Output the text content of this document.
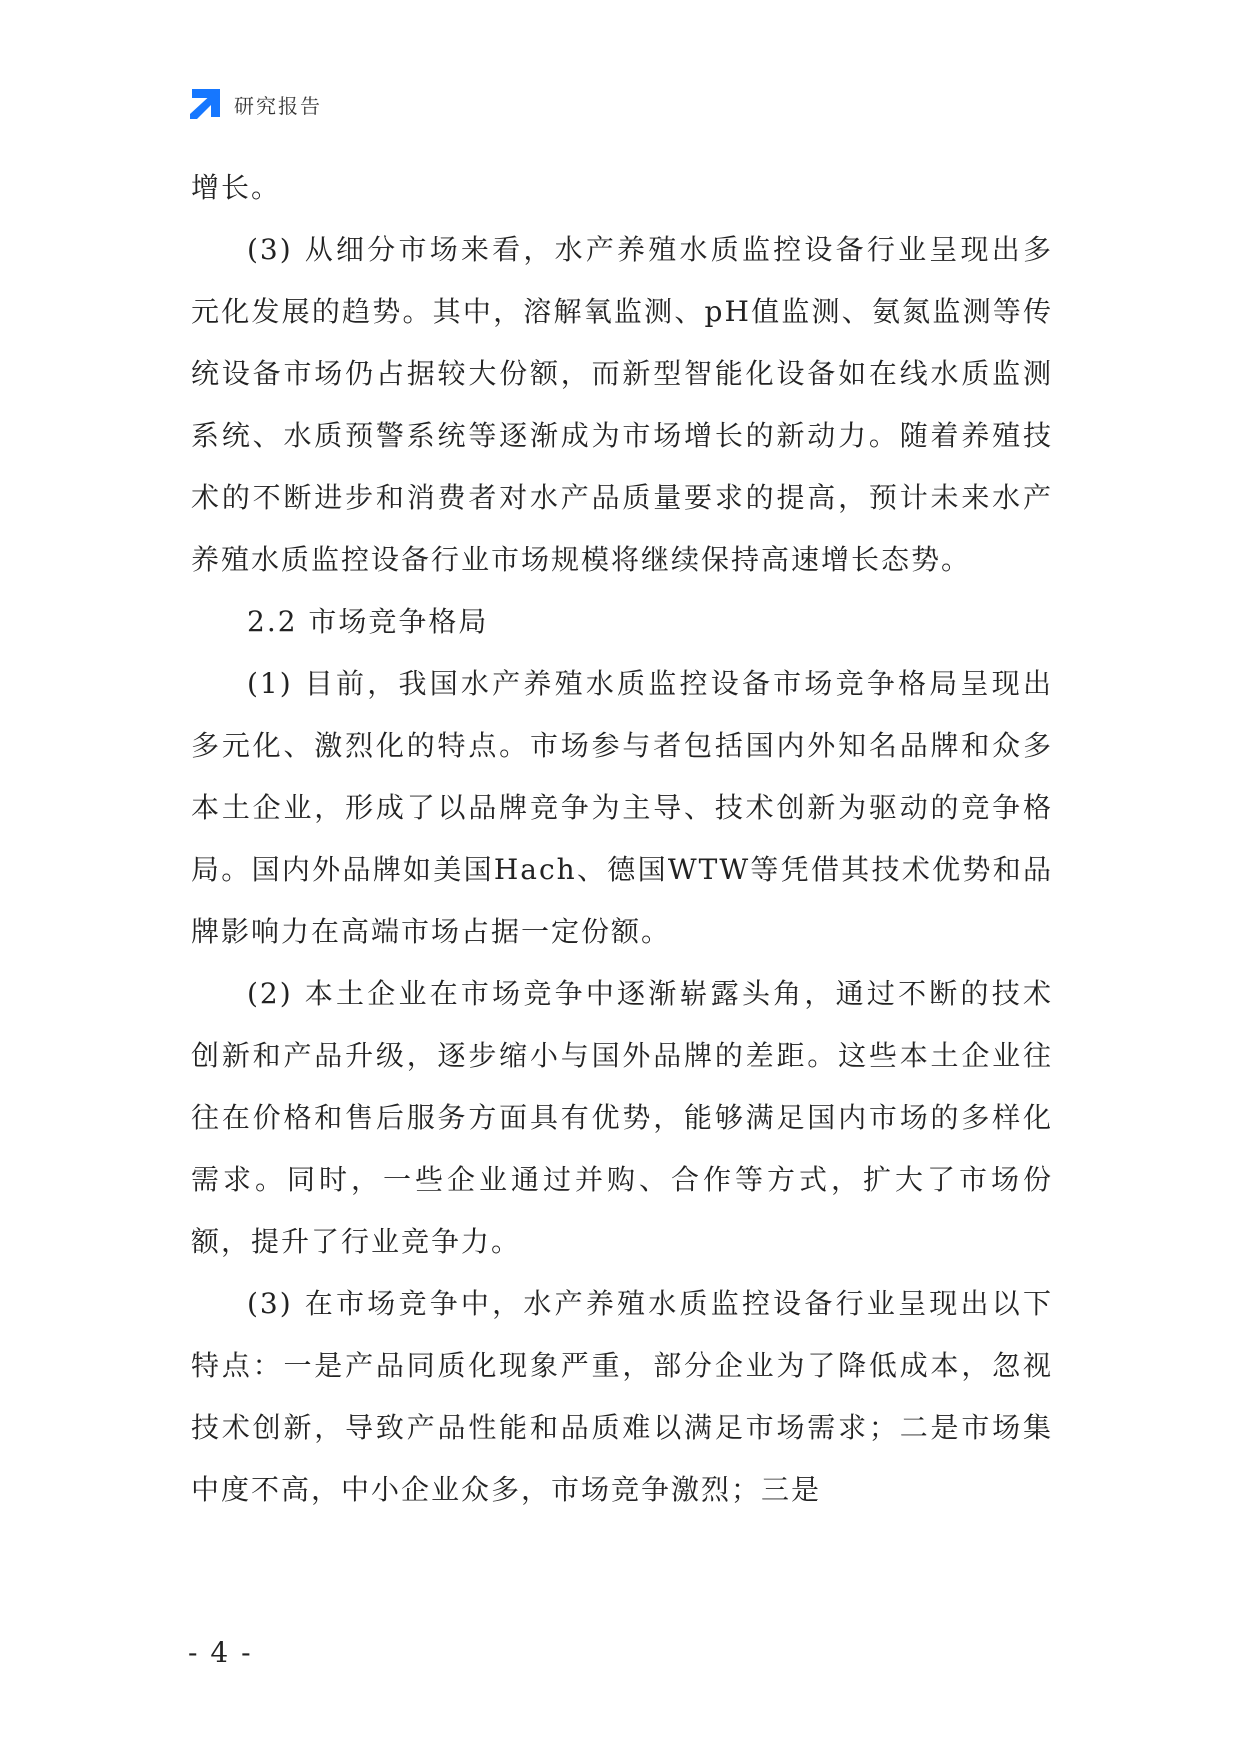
研究报告

增长。

(3) 从细分市场来看，水产养殖水质监控设备行业呈现出多元化发展的趋势。其中，溶解氧监测、pH值监测、氨氮监测等传统设备市场仍占据较大份额，而新型智能化设备如在线水质监测系统、水质预警系统等逐渐成为市场增长的新动力。随着养殖技术的不断进步和消费者对水产品质量要求的提高，预计未来水产养殖水质监控设备行业市场规模将继续保持高速增长态势。

2.2 市场竞争格局

(1) 目前，我国水产养殖水质监控设备市场竞争格局呈现出多元化、激烈化的特点。市场参与者包括国内外知名品牌和众多本土企业，形成了以品牌竞争为主导、技术创新为驱动的竞争格局。国内外品牌如美国Hach、德国WTW等凭借其技术优势和品牌影响力在高端市场占据一定份额。

(2) 本土企业在市场竞争中逐渐崭露头角，通过不断的技术创新和产品升级，逐步缩小与国外品牌的差距。这些本土企业往往在价格和售后服务方面具有优势，能够满足国内市场的多样化需求。同时，一些企业通过并购、合作等方式，扩大了市场份额，提升了行业竞争力。

(3) 在市场竞争中，水产养殖水质监控设备行业呈现出以下特点：一是产品同质化现象严重，部分企业为了降低成本，忽视技术创新，导致产品性能和品质难以满足市场需求；二是市场集中度不高，中小企业众多，市场竞争激烈；三是

- 4 -
